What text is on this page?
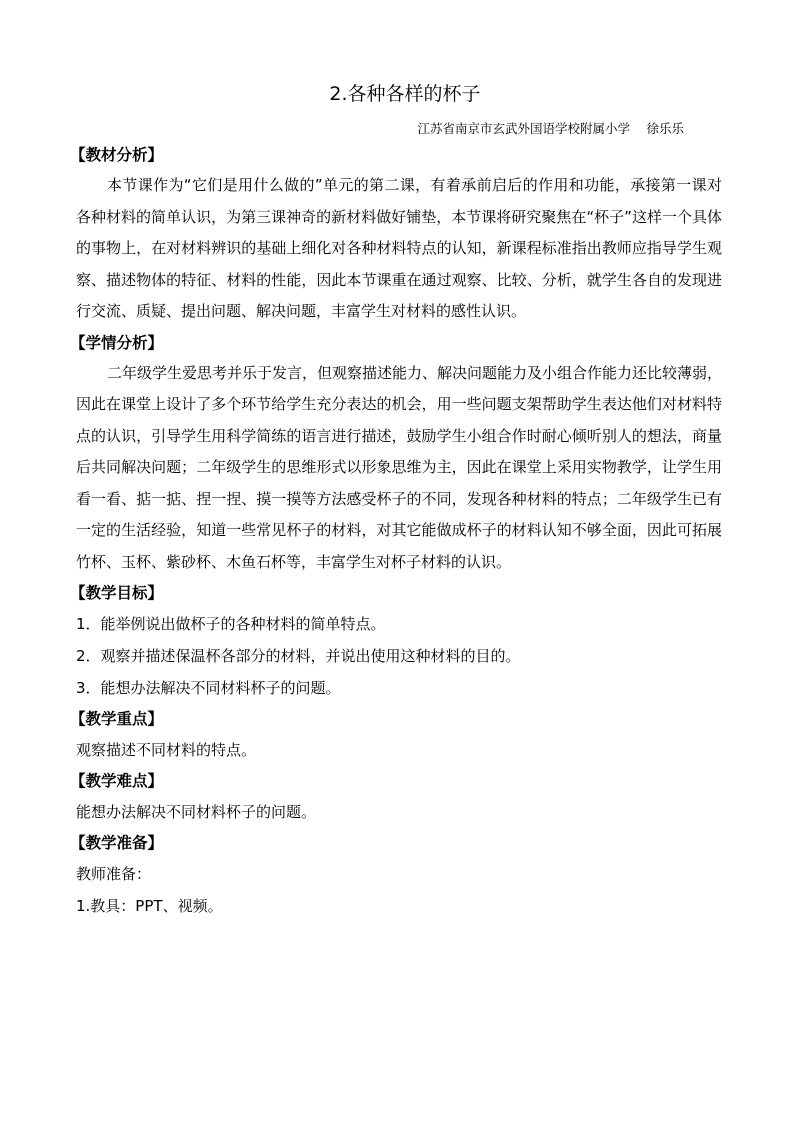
2.各种各样的杯子
江苏省南京市玄武外国语学校附属小学　 徐乐乐
【教材分析】

本节课作为“它们是用什么做的”单元的第二课，有着承前启后的作用和功能，承接第一课对各种材料的简单认识，为第三课神奇的新材料做好铺垫，本节课将研究聚焦在“杯子”这样一个具体的事物上，在对材料辨识的基础上细化对各种材料特点的认知，新课程标准指出教师应指导学生观察、描述物体的特征、材料的性能，因此本节课重在通过观察、比较、分析，就学生各自的发现进行交流、质疑、提出问题、解决问题，丰富学生对材料的感性认识。

【学情分析】

二年级学生爱思考并乐于发言，但观察描述能力、解决问题能力及小组合作能力还比较薄弱，因此在课堂上设计了多个环节给学生充分表达的机会，用一些问题支架帮助学生表达他们对材料特点的认识，引导学生用科学简练的语言进行描述，鼓励学生小组合作时耐心倾听别人的想法，商量后共同解决问题；二年级学生的思维形式以形象思维为主，因此在课堂上采用实物教学，让学生用看一看、掂一掂、捏一捏、摸一摸等方法感受杯子的不同，发现各种材料的特点；二年级学生已有一定的生活经验，知道一些常见杯子的材料，对其它能做成杯子的材料认知不够全面，因此可拓展竹杯、玉杯、紫砂杯、木鱼石杯等，丰富学生对杯子材料的认识。

【教学目标】
1．能举例说出做杯子的各种材料的简单特点。
2．观察并描述保温杯各部分的材料，并说出使用这种材料的目的。
3．能想办法解决不同材料杯子的问题。
【教学重点】
观察描述不同材料的特点。
【教学难点】
能想办法解决不同材料杯子的问题。
【教学准备】
教师准备：
1.教具：PPT、视频。
